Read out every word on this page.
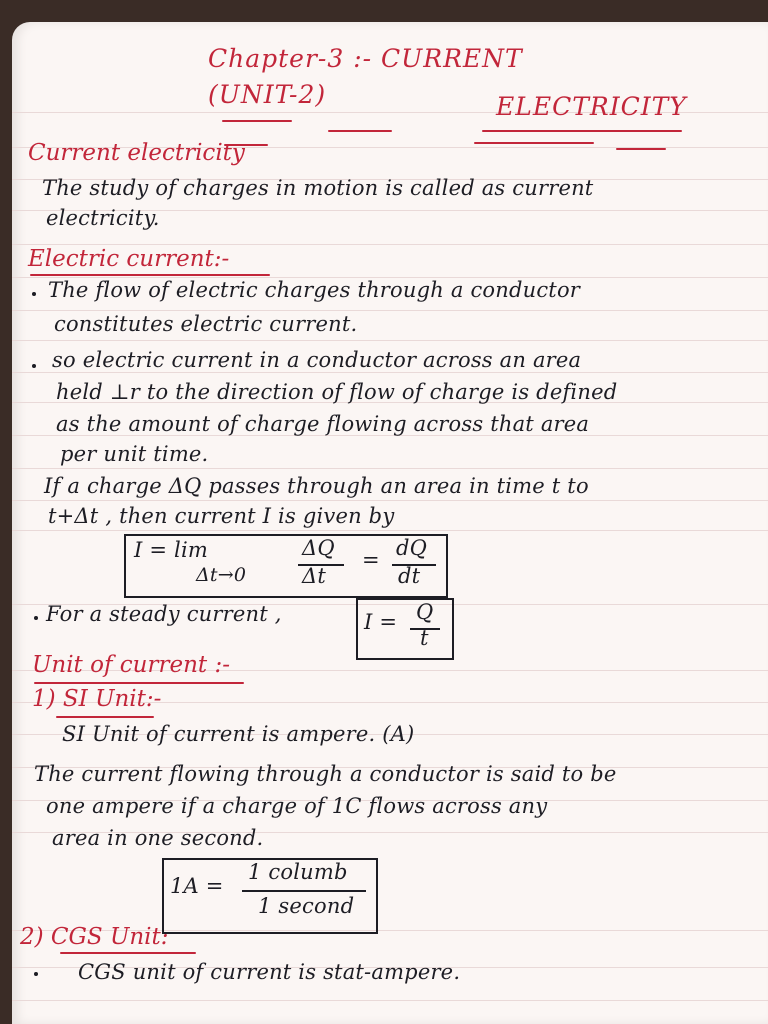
Chapter-3 :- CURRENT
(UNIT-2)	ELECTRICITY
Current electricity
The study of charges in motion is called as current
electricity.
Electric current:-
The flow of electric charges through a conductor
constitutes electric current.
so electric current in a conductor across an area
held ⊥r to the direction of flow of charge is defined
as the amount of charge flowing across that area
per unit time.
If a charge ΔQ passes through an area in time t to
t+Δt , then current I is given by
I = lim
Δt→0
ΔQ
Δt
= dQ
dt
For a steady current ,	I = Q
t
Unit of current :-
1) SI Unit:-
SI Unit of current is ampere. (A)
The current flowing through a conductor is said to be
one ampere if a charge of 1C flows across any
area in one second.
1A =
1 columb
1 second
2) CGS Unit:
CGS unit of current is stat-ampere.
